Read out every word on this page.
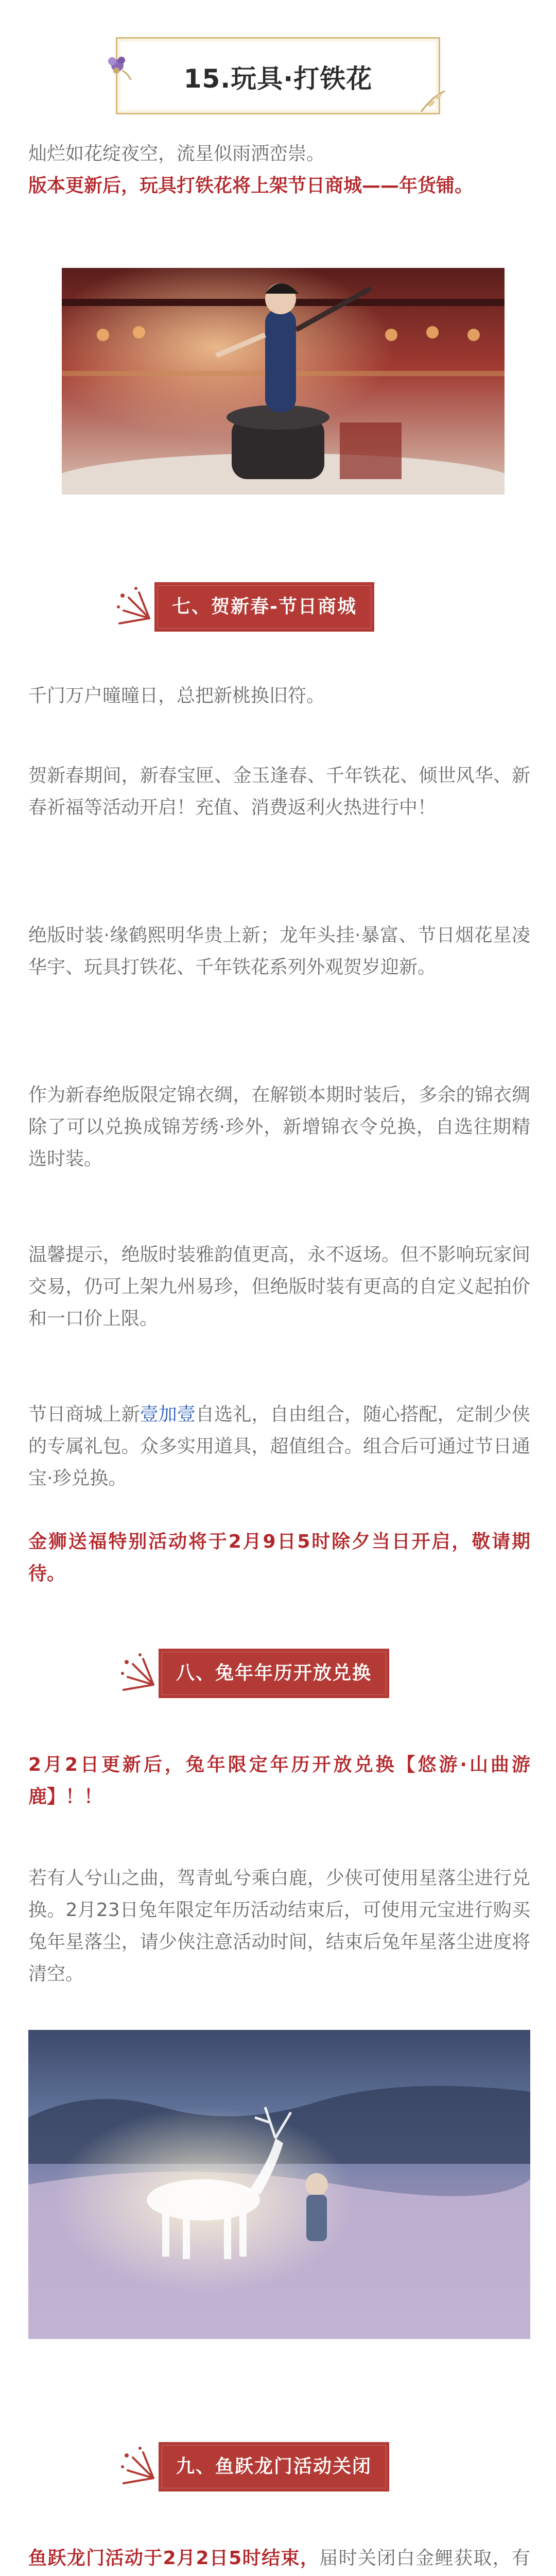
15.玩具·打铁花

灿烂如花绽夜空，流星似雨洒峦崇。

版本更新后，玩具打铁花将上架节日商城——年货铺。

七、贺新春-节日商城

千门万户曈曈日，总把新桃换旧符。

贺新春期间，新春宝匣、金玉逢春、千年铁花、倾世风华、新春祈福等活动开启！充值、消费返利火热进行中！

绝版时装·缘鹤熙明华贵上新；龙年头挂·暴富、节日烟花星凌华宇、玩具打铁花、千年铁花系列外观贺岁迎新。

作为新春绝版限定锦衣绸，在解锁本期时装后，多余的锦衣绸除了可以兑换成锦芳绣·珍外，新增锦衣令兑换，自选往期精选时装。

温馨提示，绝版时装雅韵值更高，永不返场。但不影响玩家间交易，仍可上架九州易珍，但绝版时装有更高的自定义起拍价和一口价上限。

节日商城上新壹加壹自选礼，自由组合，随心搭配，定制少侠的专属礼包。众多实用道具，超值组合。组合后可通过节日通宝·珍兑换。

金狮送福特别活动将于2月9日5时除夕当日开启，敬请期待。

八、兔年年历开放兑换

2月2日更新后，兔年限定年历开放兑换【悠游·山曲游鹿】！！

若有人兮山之曲，驾青虬兮乘白鹿，少侠可使用星落尘进行兑换。2月23日兔年限定年历活动结束后，可使用元宝进行购买兔年星落尘，请少侠注意活动时间，结束后兔年星落尘进度将清空。

九、鱼跃龙门活动关闭

鱼跃龙门活动于2月2日5时结束，届时关闭白金鲤获取，有
